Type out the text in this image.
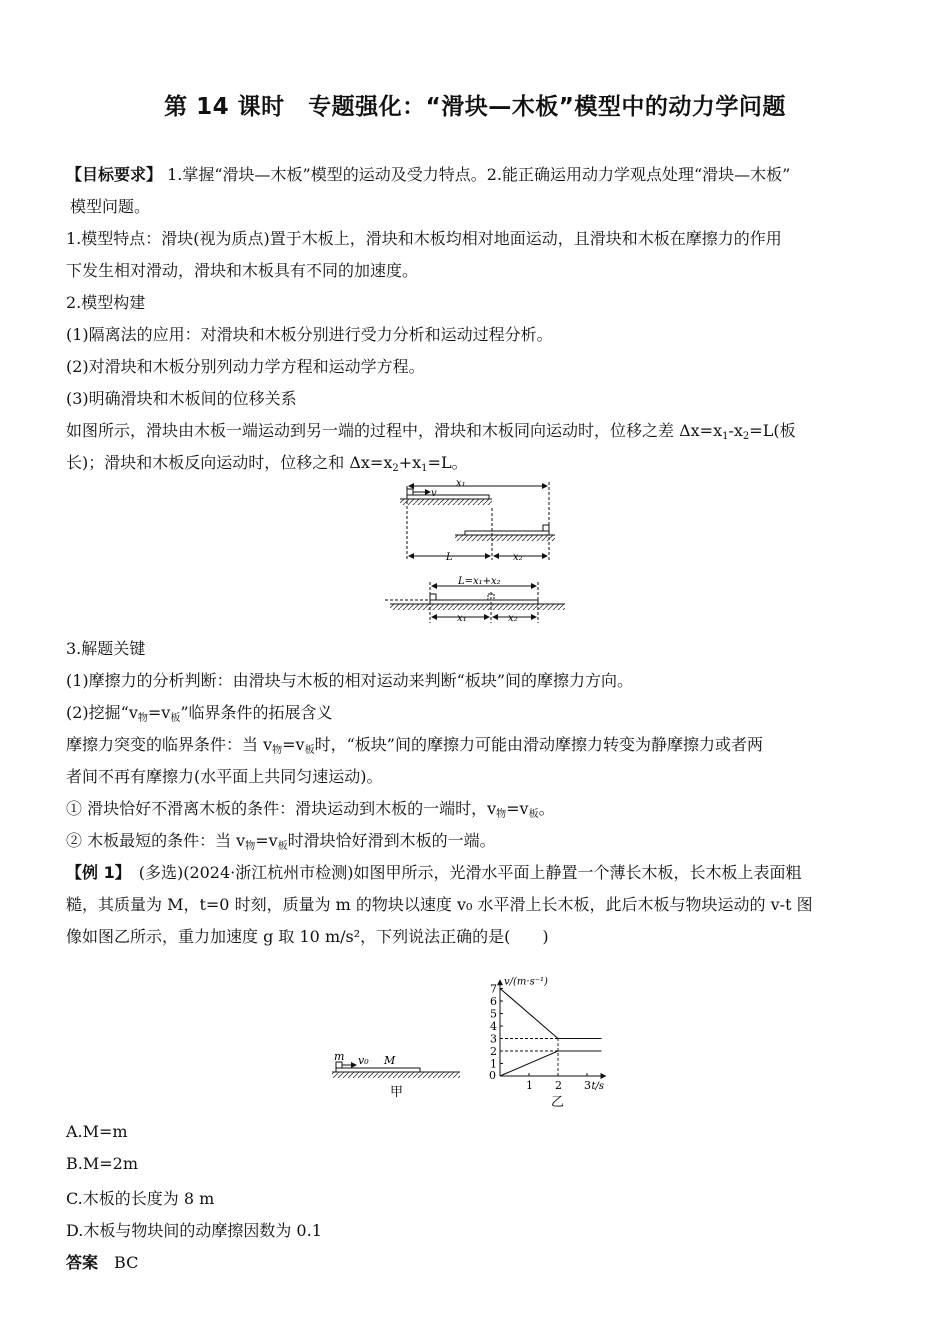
第 14 课时　专题强化：“滑块—木板”模型中的动力学问题
【目标要求】 1.掌握“滑块—木板”模型的运动及受力特点。2.能正确运用动力学观点处理“滑块—木板”
模型问题。
1.模型特点：滑块(视为质点)置于木板上，滑块和木板均相对地面运动，且滑块和木板在摩擦力的作用
下发生相对滑动，滑块和木板具有不同的加速度。
2.模型构建
(1)隔离法的应用：对滑块和木板分别进行受力分析和运动过程分析。
(2)对滑块和木板分别列动力学方程和运动学方程。
(3)明确滑块和木板间的位移关系
如图所示，滑块由木板一端运动到另一端的过程中，滑块和木板同向运动时，位移之差 $\Delta x=x_1-x_2=L$(板
长)；滑块和木板反向运动时，位移之和 $\Delta x=x_2+x_1=L$。
v
x₁
L	x₂
L=x₁+x₂
x₁	x₂
3.解题关键
(1)摩擦力的分析判断：由滑块与木板的相对运动来判断“板块”间的摩擦力方向。
(2)挖掘“$v_物=v_板$”临界条件的拓展含义
摩擦力突变的临界条件：当 $v_物=v_板$时，“板块”间的摩擦力可能由滑动摩擦力转变为静摩擦力或者两
者间不再有摩擦力(水平面上共同匀速运动)。
① 滑块恰好不滑离木板的条件：滑块运动到木板的一端时，$v_物=v_板$。
② 木板最短的条件：当 $v_物=v_板$时滑块恰好滑到木板的一端。
【例 1】　(多选)(2024·浙江杭州市检测)如图甲所示，光滑水平面上静置一个薄长木板，长木板上表面粗
糙，其质量为 M，t=0 时刻，质量为 m 的物块以速度 v₀ 水平滑上长木板，此后木板与物块运动的 v-t 图
像如图乙所示，重力加速度 g 取 10 m/s²，下列说法正确的是(　　)
m v₀ M
甲
1
2
3
4
5
6
7
1 2 3
0
v/(m·s⁻¹)
t/s
乙
A.M=m
B.M=2m
C.木板的长度为 8 m
D.木板与物块间的动摩擦因数为 0.1
答案　 BC
